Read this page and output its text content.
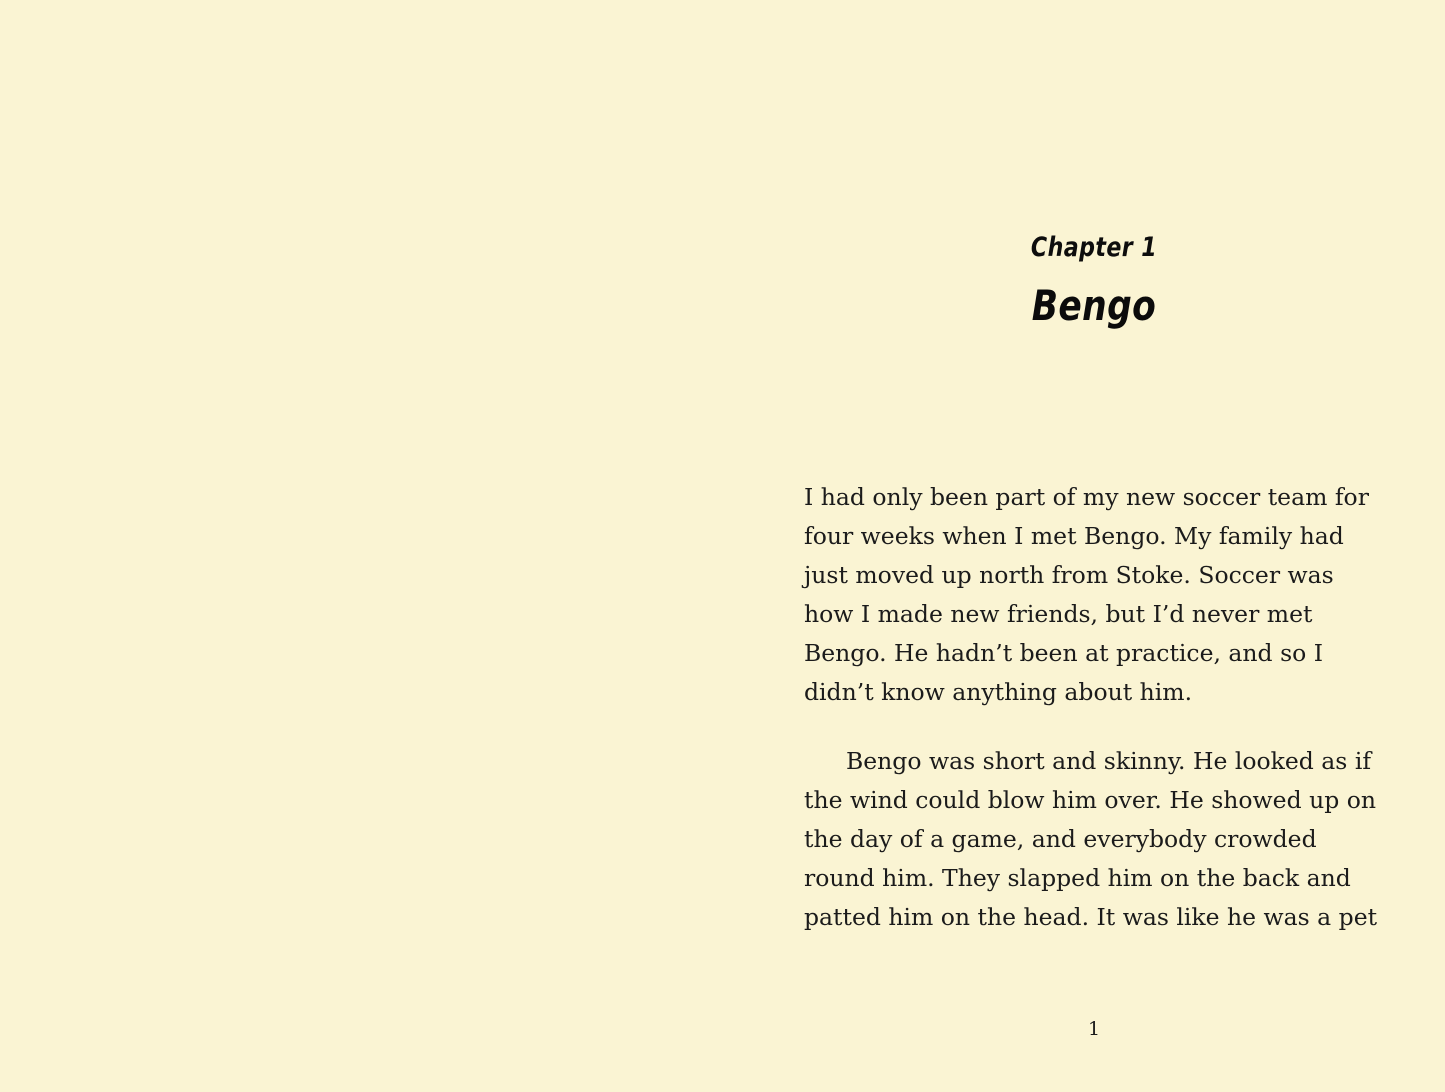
Chapter 1
Bengo

I had only been part of my new soccer team for four weeks when I met Bengo. My family had just moved up north from Stoke. Soccer was how I made new friends, but I’d never met Bengo. He hadn’t been at practice, and so I didn’t know anything about him.

Bengo was short and skinny. He looked as if the wind could blow him over. He showed up on the day of a game, and everybody crowded round him. They slapped him on the back and patted him on the head. It was like he was a pet

1
